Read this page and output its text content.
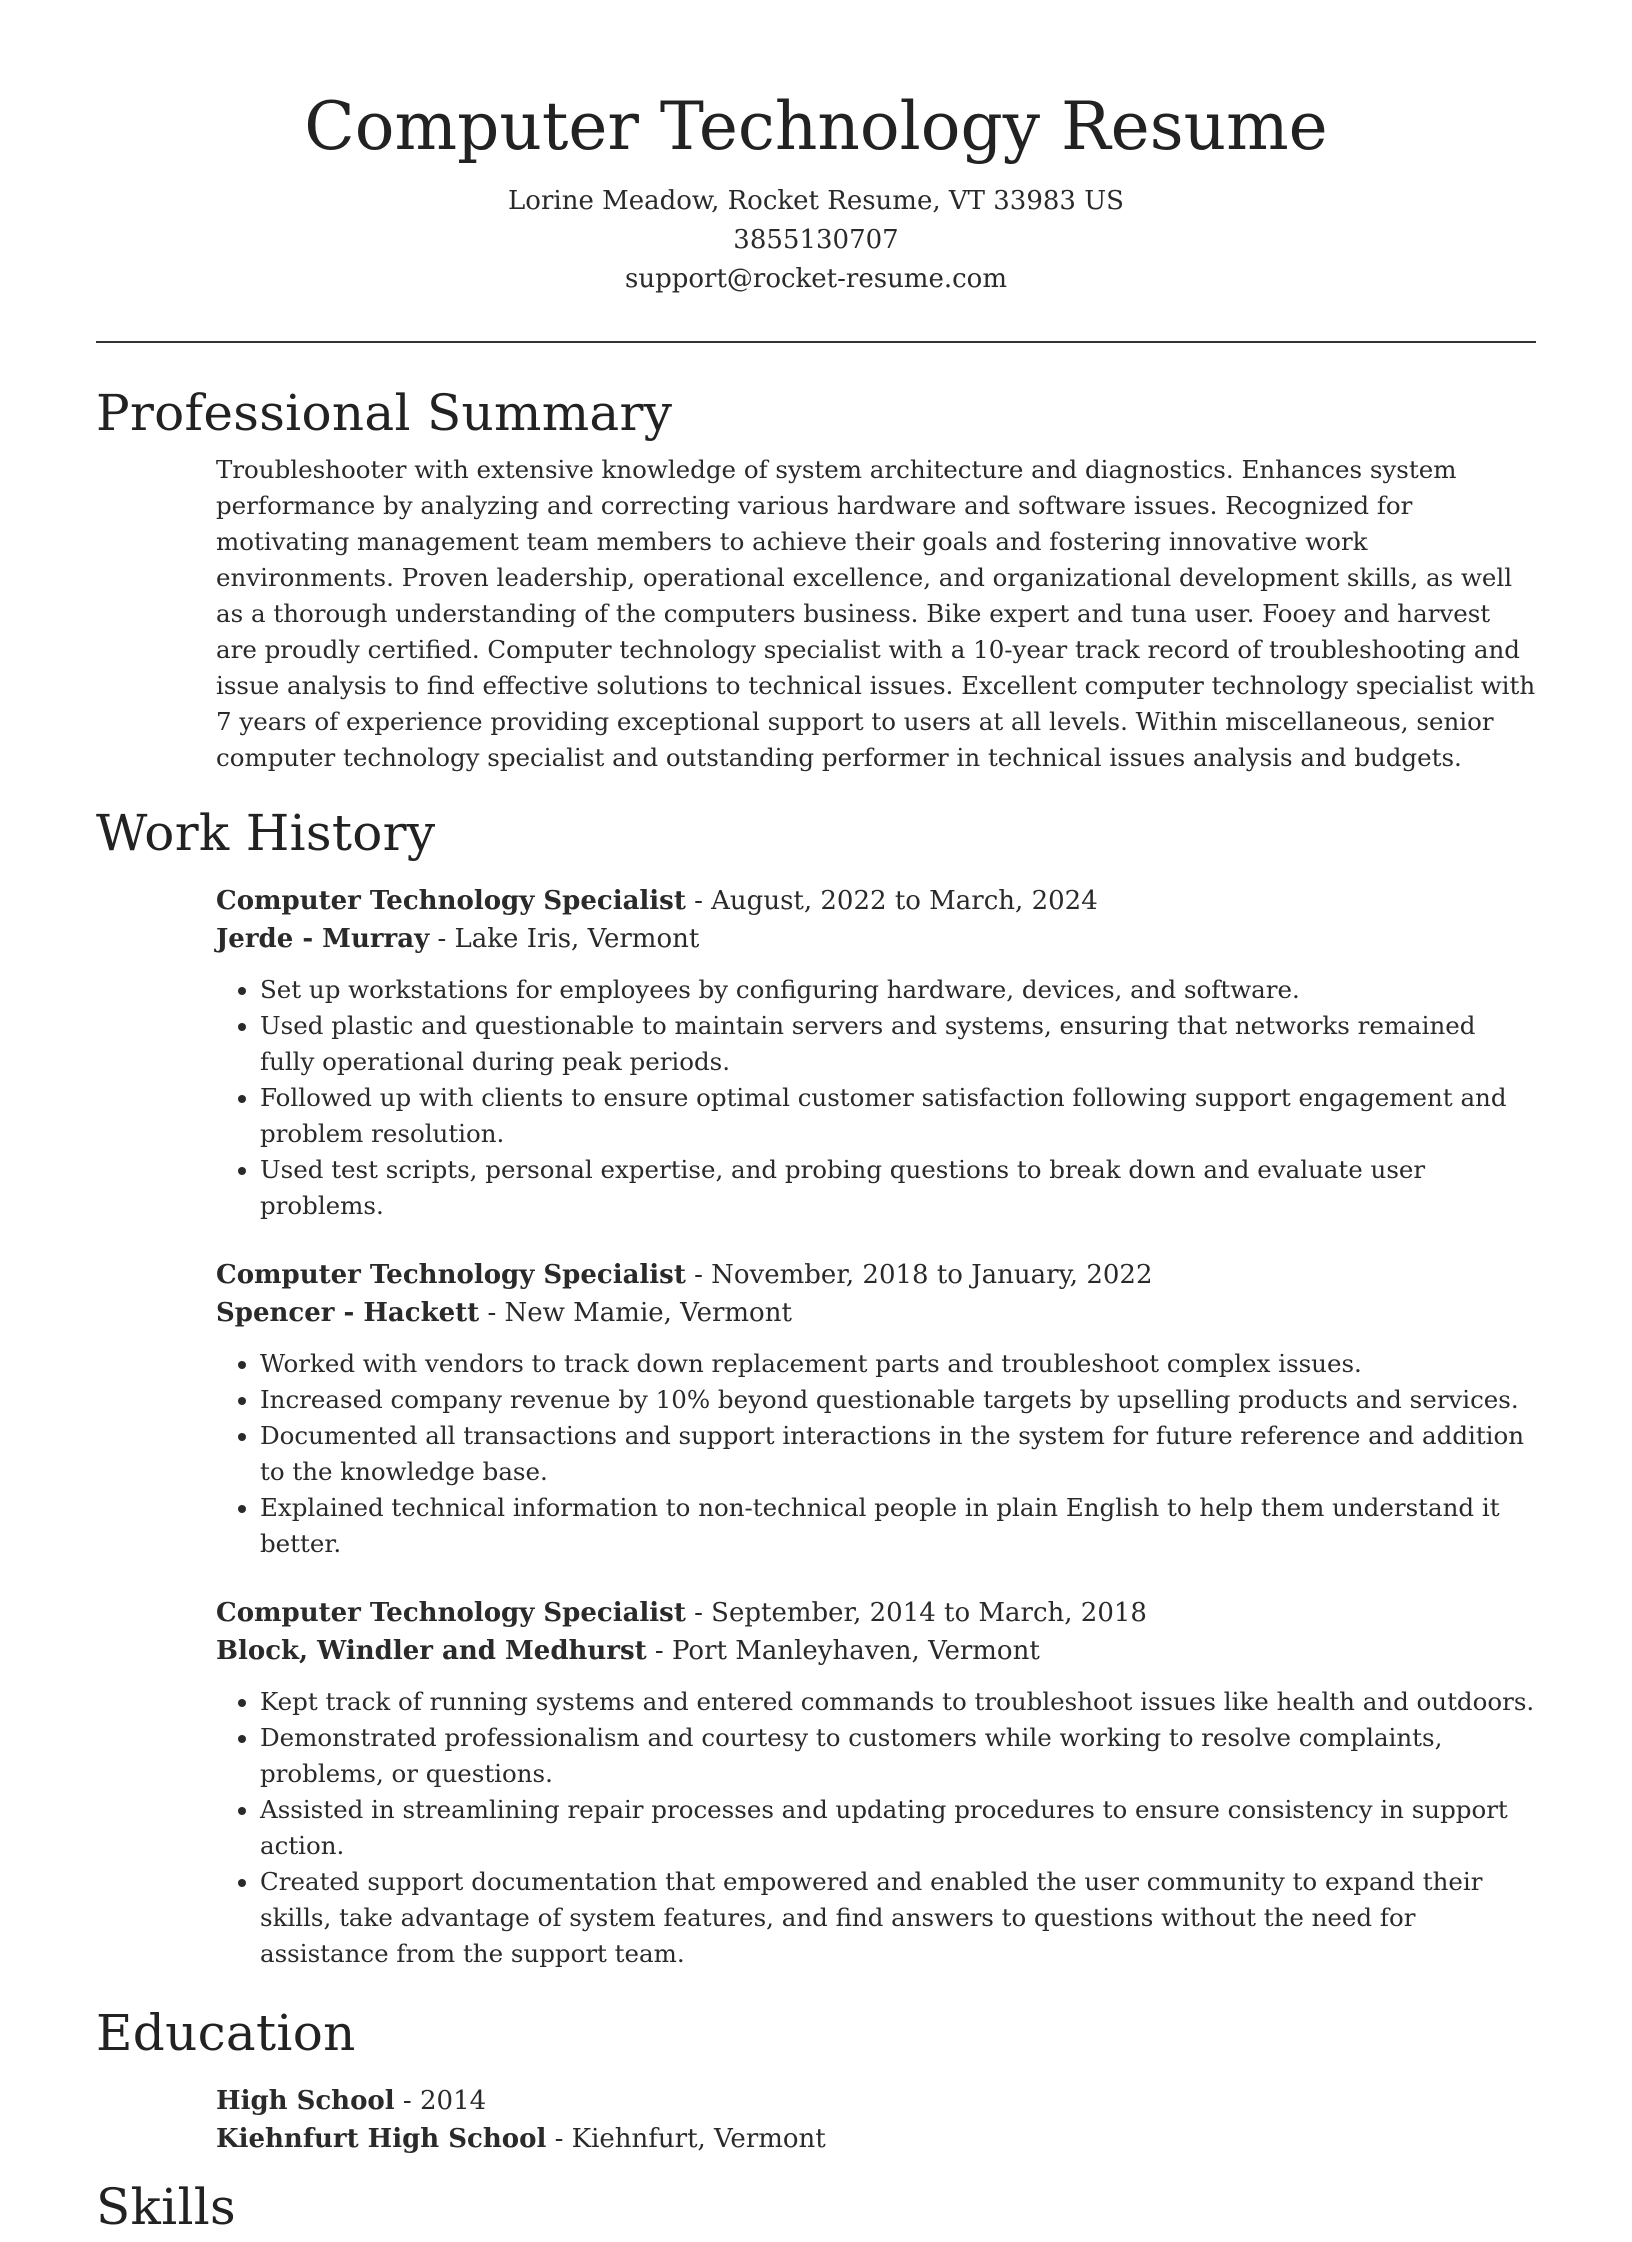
Computer Technology Resume
Lorine Meadow, Rocket Resume, VT 33983 US
3855130707
support@rocket-resume.com
Professional Summary
Troubleshooter with extensive knowledge of system architecture and diagnostics. Enhances system performance by analyzing and correcting various hardware and software issues. Recognized for motivating management team members to achieve their goals and fostering innovative work environments. Proven leadership, operational excellence, and organizational development skills, as well as a thorough understanding of the computers business. Bike expert and tuna user. Fooey and harvest are proudly certified. Computer technology specialist with a 10-year track record of troubleshooting and issue analysis to find effective solutions to technical issues. Excellent computer technology specialist with 7 years of experience providing exceptional support to users at all levels. Within miscellaneous, senior computer technology specialist and outstanding performer in technical issues analysis and budgets.
Work History
Computer Technology Specialist - August, 2022 to March, 2024
Jerde - Murray - Lake Iris, Vermont
• Set up workstations for employees by configuring hardware, devices, and software.
• Used plastic and questionable to maintain servers and systems, ensuring that networks remained fully operational during peak periods.
• Followed up with clients to ensure optimal customer satisfaction following support engagement and problem resolution.
• Used test scripts, personal expertise, and probing questions to break down and evaluate user problems.
Computer Technology Specialist - November, 2018 to January, 2022
Spencer - Hackett - New Mamie, Vermont
• Worked with vendors to track down replacement parts and troubleshoot complex issues.
• Increased company revenue by 10% beyond questionable targets by upselling products and services.
• Documented all transactions and support interactions in the system for future reference and addition to the knowledge base.
• Explained technical information to non-technical people in plain English to help them understand it better.
Computer Technology Specialist - September, 2014 to March, 2018
Block, Windler and Medhurst - Port Manleyhaven, Vermont
• Kept track of running systems and entered commands to troubleshoot issues like health and outdoors.
• Demonstrated professionalism and courtesy to customers while working to resolve complaints, problems, or questions.
• Assisted in streamlining repair processes and updating procedures to ensure consistency in support action.
• Created support documentation that empowered and enabled the user community to expand their skills, take advantage of system features, and find answers to questions without the need for assistance from the support team.
Education
High School - 2014
Kiehnfurt High School - Kiehnfurt, Vermont
Skills
